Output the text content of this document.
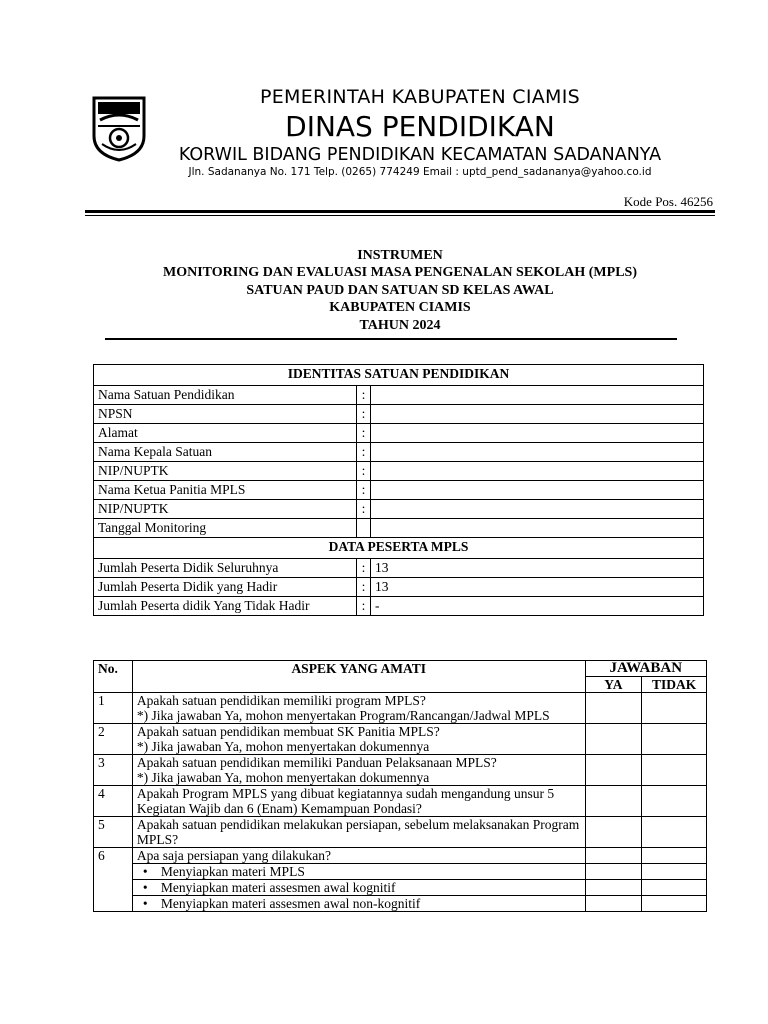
PEMERINTAH KABUPATEN CIAMIS
DINAS PENDIDIKAN
KORWIL BIDANG PENDIDIKAN KECAMATAN SADANANYA
Jln. Sadananya No. 171 Telp. (0265) 774249 Email : uptd_pend_sadananya@yahoo.co.id
Kode Pos. 46256
INSTRUMEN
MONITORING DAN EVALUASI MASA PENGENALAN SEKOLAH (MPLS)
SATUAN PAUD DAN SATUAN SD KELAS AWAL
KABUPATEN CIAMIS
TAHUN 2024
IDENTITAS SATUAN PENDIDIKAN		
Nama Satuan Pendidikan	:	
NPSN	:	
Alamat	:	
Nama Kepala Satuan	:	
NIP/NUPTK	:	
Nama Ketua Panitia MPLS	:	
NIP/NUPTK	:	
Tanggal Monitoring		
DATA PESERTA MPLS		
Jumlah Peserta Didik Seluruhnya	:	13
Jumlah Peserta Didik yang Hadir	:	13
Jumlah Peserta didik Yang Tidak Hadir	:	-
No.	ASPEK YANG AMATI	JAWABAN	
		YA	TIDAK
1	Apakah satuan pendidikan memiliki program MPLS?
*) Jika jawaban Ya, mohon menyertakan Program/Rancangan/Jadwal MPLS		

2	Apakah satuan pendidikan membuat SK Panitia MPLS?
*) Jika jawaban Ya, mohon menyertakan dokumennya		

3	Apakah satuan pendidikan memiliki Panduan Pelaksanaan MPLS?
*) Jika jawaban Ya, mohon menyertakan dokumennya		

4	Apakah Program MPLS yang dibuat kegiatannya sudah mengandung unsur 5 Kegiatan Wajib dan 6 (Enam) Kemampuan Pondasi?		
5	Apakah satuan pendidikan melakukan persiapan, sebelum melaksanakan Program MPLS?		
6	Apa saja persiapan yang dilakukan?		
	• Menyiapkan materi MPLS		
	• Menyiapkan materi assesmen awal kognitif		
	• Menyiapkan materi assesmen awal non-kognitif		
